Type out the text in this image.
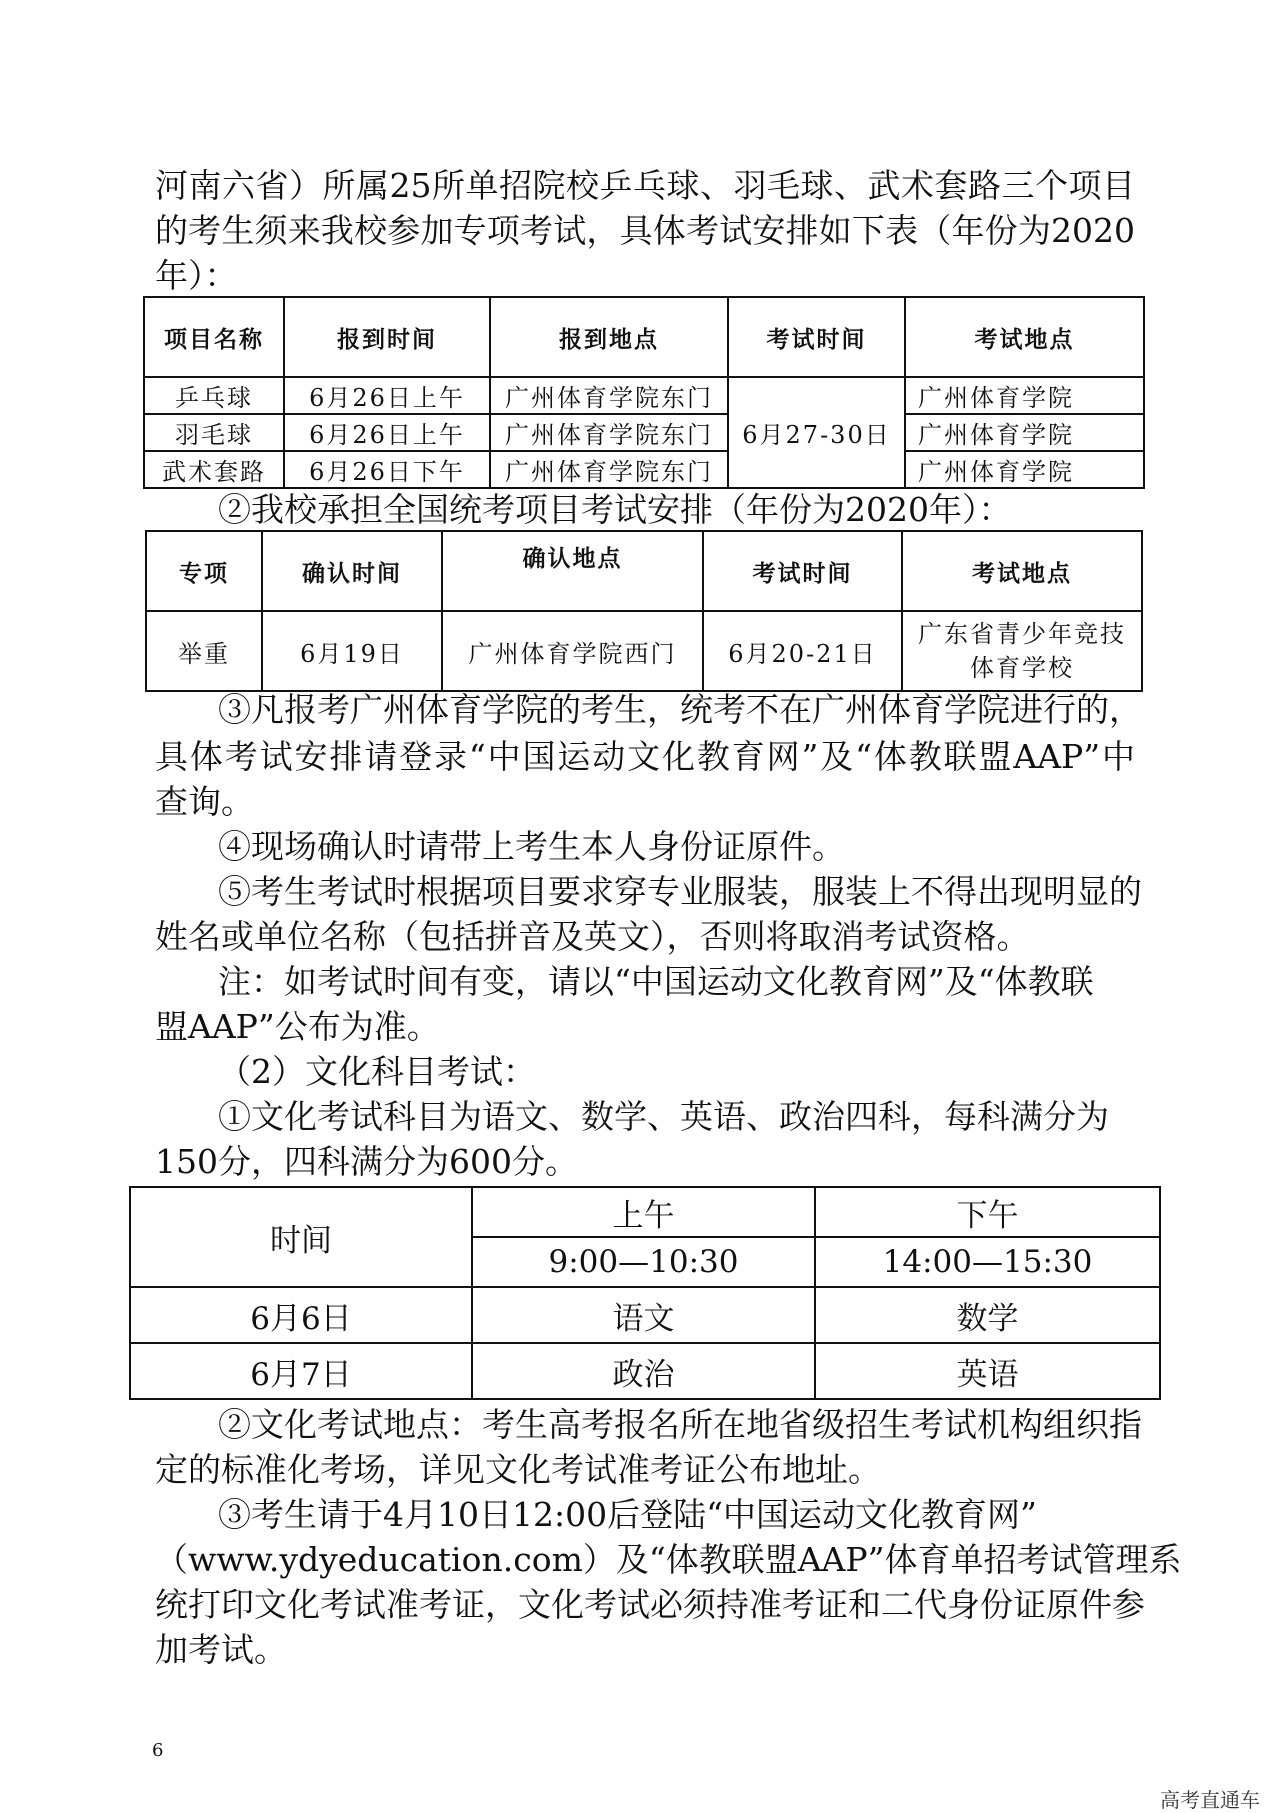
河南六省）所属25所单招院校乒乓球、羽毛球、武术套路三个项目
的考生须来我校参加专项考试，具体考试安排如下表（年份为2020
年）：
项目名称	报到时间	报到地点	考试时间	考试地点
乒乓球	6月26日上午	广州体育学院东门	6月27-30日	广州体育学院
羽毛球	6月26日上午	广州体育学院东门		广州体育学院
武术套路	6月26日下午	广州体育学院东门		广州体育学院
②我校承担全国统考项目考试安排（年份为2020年）：
专项	确认时间	确认地点	考试时间	考试地点
举重	6月19日	广州体育学院西门	6月20-21日	广东省青少年竞技
体育学校
③凡报考广州体育学院的考生，统考不在广州体育学院进行的，
具体考试安排请登录“中国运动文化教育网”及“体教联盟AAP”中
查询。
④现场确认时请带上考生本人身份证原件。
⑤考生考试时根据项目要求穿专业服装，服装上不得出现明显的
姓名或单位名称（包括拼音及英文），否则将取消考试资格。
注：如考试时间有变，请以“中国运动文化教育网”及“体教联
盟AAP”公布为准。
（2）文化科目考试：
①文化考试科目为语文、数学、英语、政治四科，每科满分为
150分，四科满分为600分。
时间	上午	下午
	9:00—10:30	14:00—15:30
6月6日	语文	数学
6月7日	政治	英语
②文化考试地点：考生高考报名所在地省级招生考试机构组织指
定的标准化考场，详见文化考试准考证公布地址。
③考生请于4月10日12:00后登陆“中国运动文化教育网”
（www.ydyeducation.com）及“体教联盟AAP”体育单招考试管理系
统打印文化考试准考证，文化考试必须持准考证和二代身份证原件参
加考试。
6
高考直通车
